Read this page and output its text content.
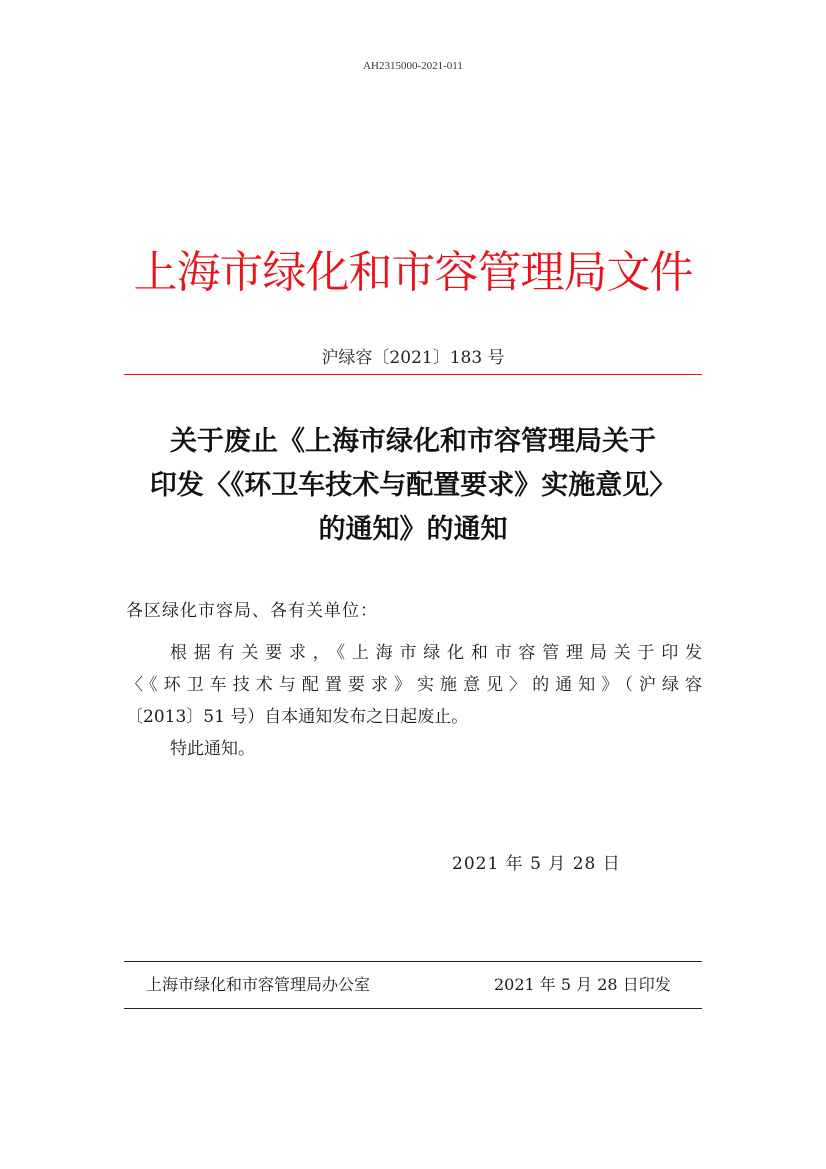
AH2315000-2021-011
上海市绿化和市容管理局文件
沪绿容〔2021〕183 号
关于废止《上海市绿化和市容管理局关于
印发〈《环卫车技术与配置要求》实施意见〉
的通知》的通知
各区绿化市容局、各有关单位：
根据有关要求，《上海市绿化和市容管理局关于印发
〈《环卫车技术与配置要求》实施意见〉的通知》（沪绿容
〔2013〕51 号）自本通知发布之日起废止。
特此通知。
2021 年 5 月 28 日
上海市绿化和市容管理局办公室	2021 年 5 月 28 日印发
